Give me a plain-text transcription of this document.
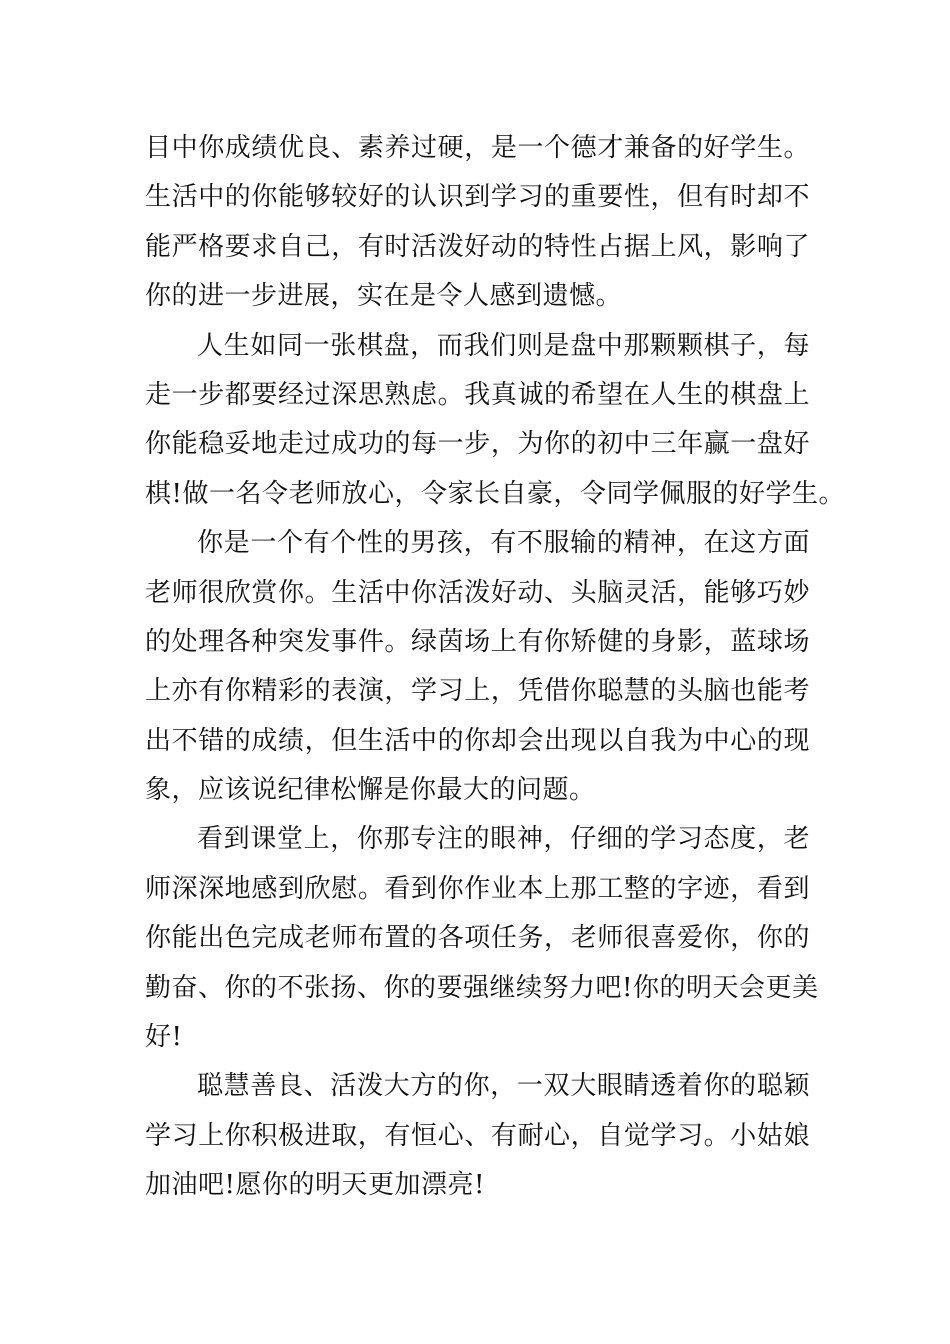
目中你成绩优良、素养过硬，是一个德才兼备的好学生。
生活中的你能够较好的认识到学习的重要性，但有时却不
能严格要求自己，有时活泼好动的特性占据上风，影响了
你的进一步进展，实在是令人感到遗憾。
人生如同一张棋盘，而我们则是盘中那颗颗棋子，每
走一步都要经过深思熟虑。我真诚的希望在人生的棋盘上
你能稳妥地走过成功的每一步，为你的初中三年赢一盘好
棋!做一名令老师放心，令家长自豪，令同学佩服的好学生。
你是一个有个性的男孩，有不服输的精神，在这方面
老师很欣赏你。生活中你活泼好动、头脑灵活，能够巧妙
的处理各种突发事件。绿茵场上有你矫健的身影，蓝球场
上亦有你精彩的表演，学习上，凭借你聪慧的头脑也能考
出不错的成绩，但生活中的你却会出现以自我为中心的现
象，应该说纪律松懈是你最大的问题。
看到课堂上，你那专注的眼神，仔细的学习态度，老
师深深地感到欣慰。看到你作业本上那工整的字迹，看到
你能出色完成老师布置的各项任务，老师很喜爱你，你的
勤奋、你的不张扬、你的要强继续努力吧!你的明天会更美
好!
聪慧善良、活泼大方的你，一双大眼睛透着你的聪颖
学习上你积极进取，有恒心、有耐心，自觉学习。小姑娘
加油吧!愿你的明天更加漂亮!
